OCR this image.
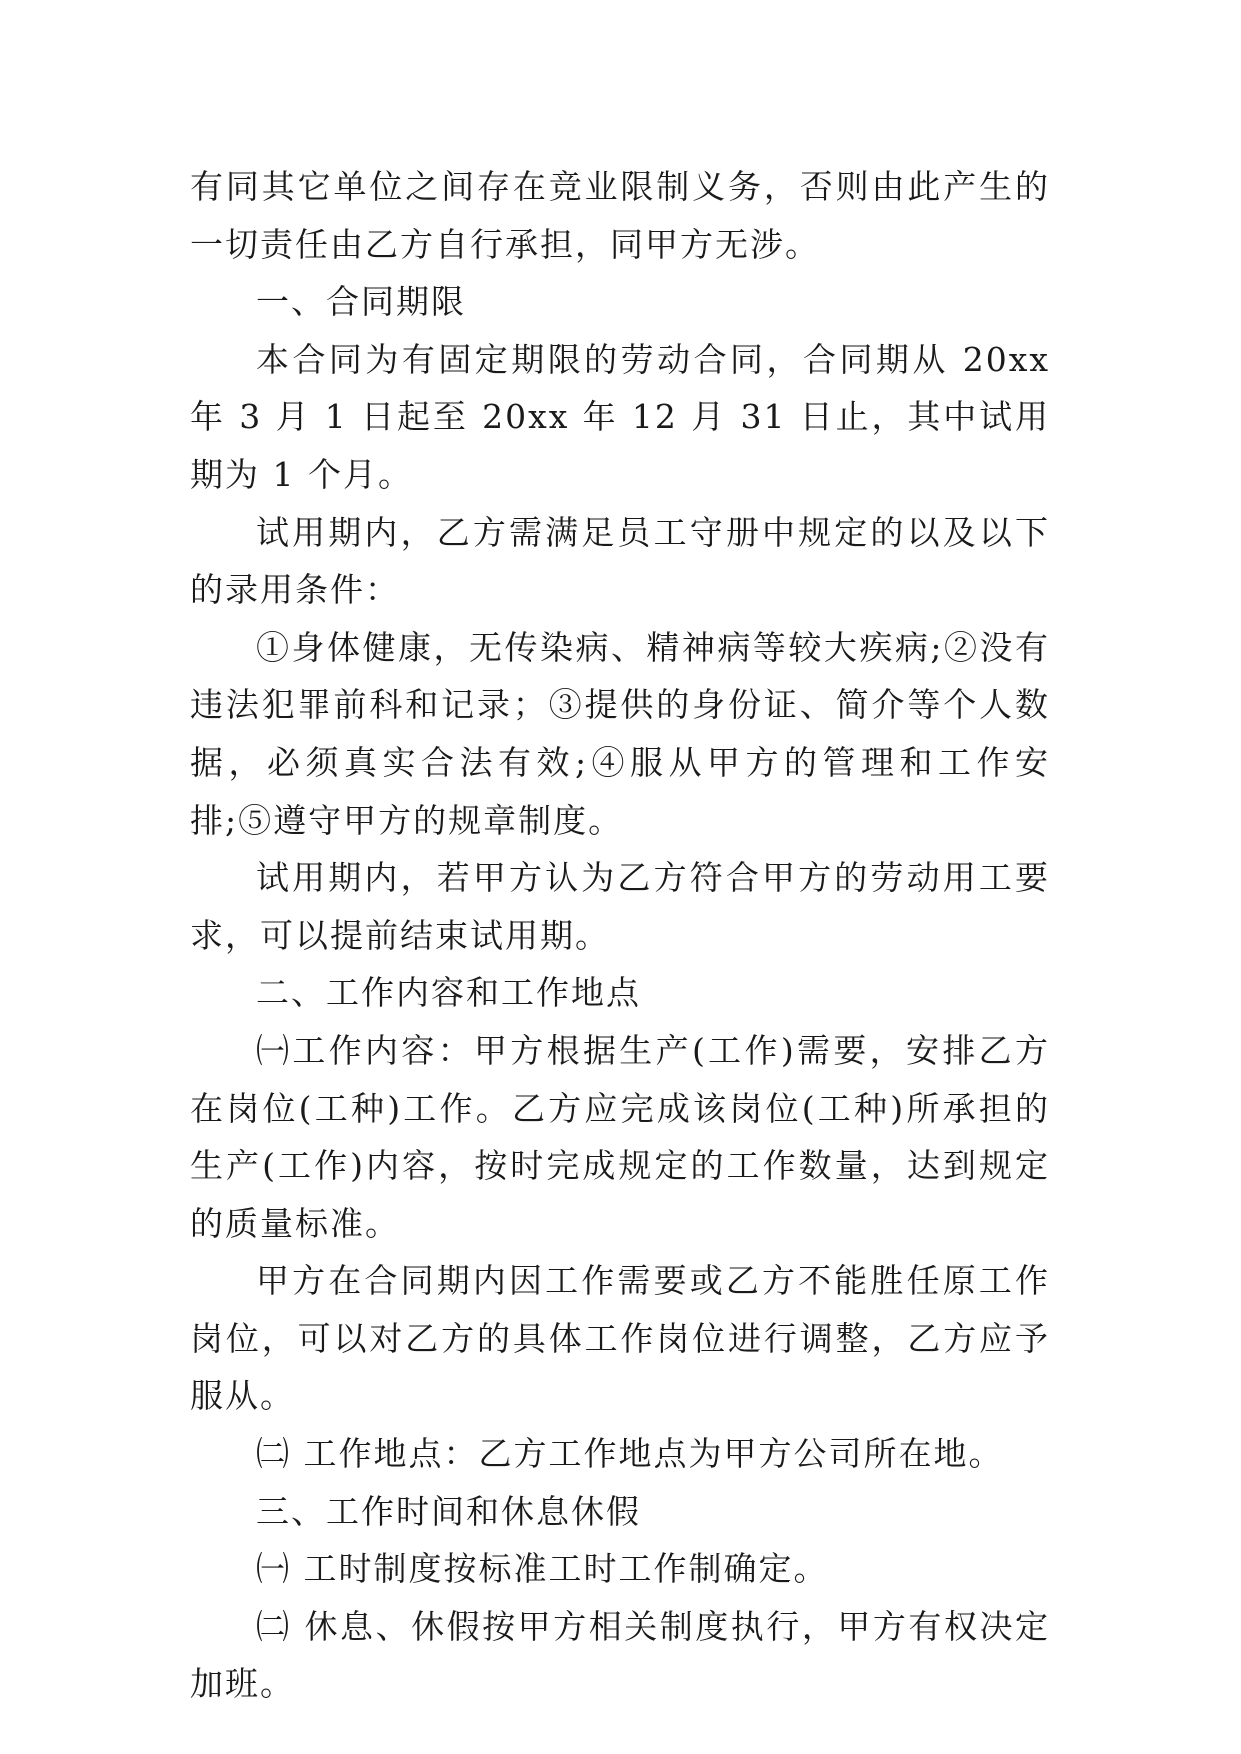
有同其它单位之间存在竞业限制义务，否则由此产生的一切责任由乙方自行承担，同甲方无涉。

一、合同期限

本合同为有固定期限的劳动合同，合同期从 20xx 年 3 月 1 日起至 20xx 年 12 月 31 日止，其中试用期为 1 个月。

试用期内，乙方需满足员工守册中规定的以及以下的录用条件：

①身体健康，无传染病、精神病等较大疾病;②没有违法犯罪前科和记录；③提供的身份证、简介等个人数据，必须真实合法有效;④服从甲方的管理和工作安排;⑤遵守甲方的规章制度。

试用期内，若甲方认为乙方符合甲方的劳动用工要求，可以提前结束试用期。

二、工作内容和工作地点

㈠工作内容：甲方根据生产(工作)需要，安排乙方在岗位(工种)工作。乙方应完成该岗位(工种)所承担的生产(工作)内容，按时完成规定的工作数量，达到规定的质量标准。

甲方在合同期内因工作需要或乙方不能胜任原工作岗位，可以对乙方的具体工作岗位进行调整，乙方应予服从。

㈡ 工作地点：乙方工作地点为甲方公司所在地。

三、工作时间和休息休假

㈠ 工时制度按标准工时工作制确定。

㈡ 休息、休假按甲方相关制度执行，甲方有权决定加班。
